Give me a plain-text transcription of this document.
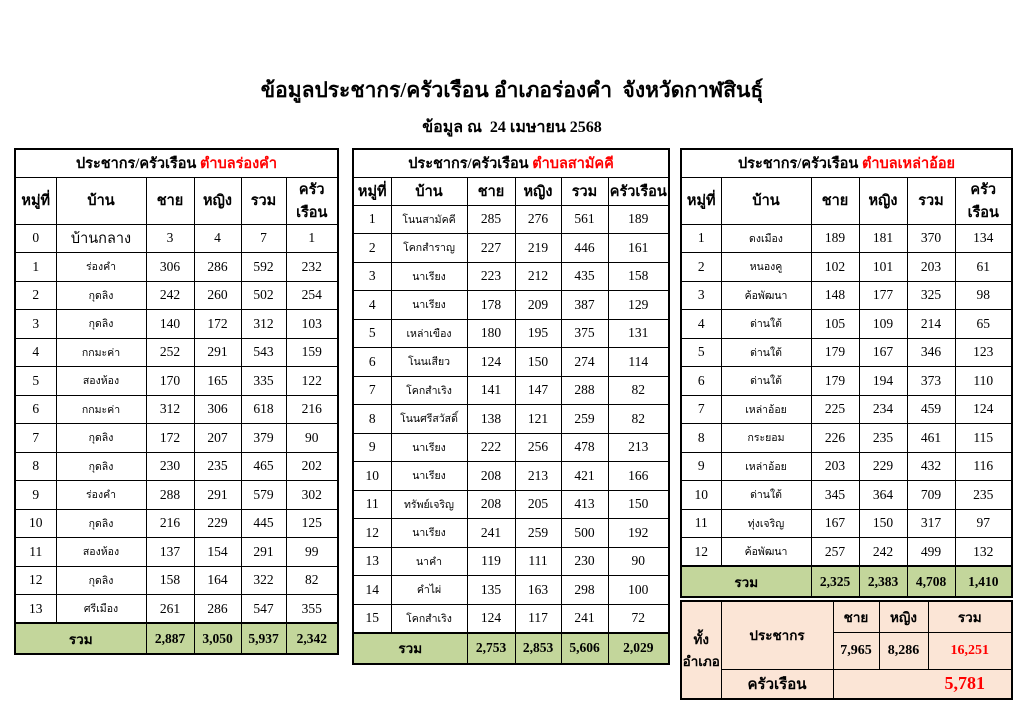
ข้อมูลประชากร/ครัวเรือน อำเภอร่องคำ  จังหวัดกาฬสินธุ์
ข้อมูล ณ  24 เมษายน 2568
ประชากร/ครัวเรือน ตำบลร่องคำ					
หมู่ที่	บ้าน	ชาย	หญิง	รวม	ครัวเรือน
0	บ้านกลาง	3	4	7	1
1	ร่องคำ	306	286	592	232
2	กุดลิง	242	260	502	254
3	กุดลิง	140	172	312	103
4	กกมะค่า	252	291	543	159
5	สองห้อง	170	165	335	122
6	กกมะค่า	312	306	618	216
7	กุดลิง	172	207	379	90
8	กุดลิง	230	235	465	202
9	ร่องคำ	288	291	579	302
10	กุดลิง	216	229	445	125
11	สองห้อง	137	154	291	99
12	กุดลิง	158	164	322	82
13	ศรีเมือง	261	286	547	355
รวม		2,887	3,050	5,937	2,342
ประชากร/ครัวเรือน ตำบลสามัคคี					
หมู่ที่	บ้าน	ชาย	หญิง	รวม	ครัวเรือน
1	โนนสามัคคี	285	276	561	189
2	โคกสำราญ	227	219	446	161
3	นาเรียง	223	212	435	158
4	นาเรียง	178	209	387	129
5	เหล่าเขือง	180	195	375	131
6	โนนเสียว	124	150	274	114
7	โคกสำเริง	141	147	288	82
8	โนนศรีสวัสดิ์	138	121	259	82
9	นาเรียง	222	256	478	213
10	นาเรียง	208	213	421	166
11	ทรัพย์เจริญ	208	205	413	150
12	นาเรียง	241	259	500	192
13	นาคำ	119	111	230	90
14	คำไผ่	135	163	298	100
15	โคกสำเริง	124	117	241	72
รวม		2,753	2,853	5,606	2,029
ประชากร/ครัวเรือน ตำบลเหล่าอ้อย					
หมู่ที่	บ้าน	ชาย	หญิง	รวม	ครัวเรือน
1	ดงเมือง	189	181	370	134
2	หนองคู	102	101	203	61
3	ค้อพัฒนา	148	177	325	98
4	ด่านใต้	105	109	214	65
5	ด่านใต้	179	167	346	123
6	ด่านใต้	179	194	373	110
7	เหล่าอ้อย	225	234	459	124
8	กระยอม	226	235	461	115
9	เหล่าอ้อย	203	229	432	116
10	ด่านใต้	345	364	709	235
11	ทุ่งเจริญ	167	150	317	97
12	ค้อพัฒนา	257	242	499	132
รวม		2,325	2,383	4,708	1,410
ทั้งอำเภอ	ประชากร	ชาย	หญิง	รวม
		7,965	8,286	16,251
	ครัวเรือน	5,781		
